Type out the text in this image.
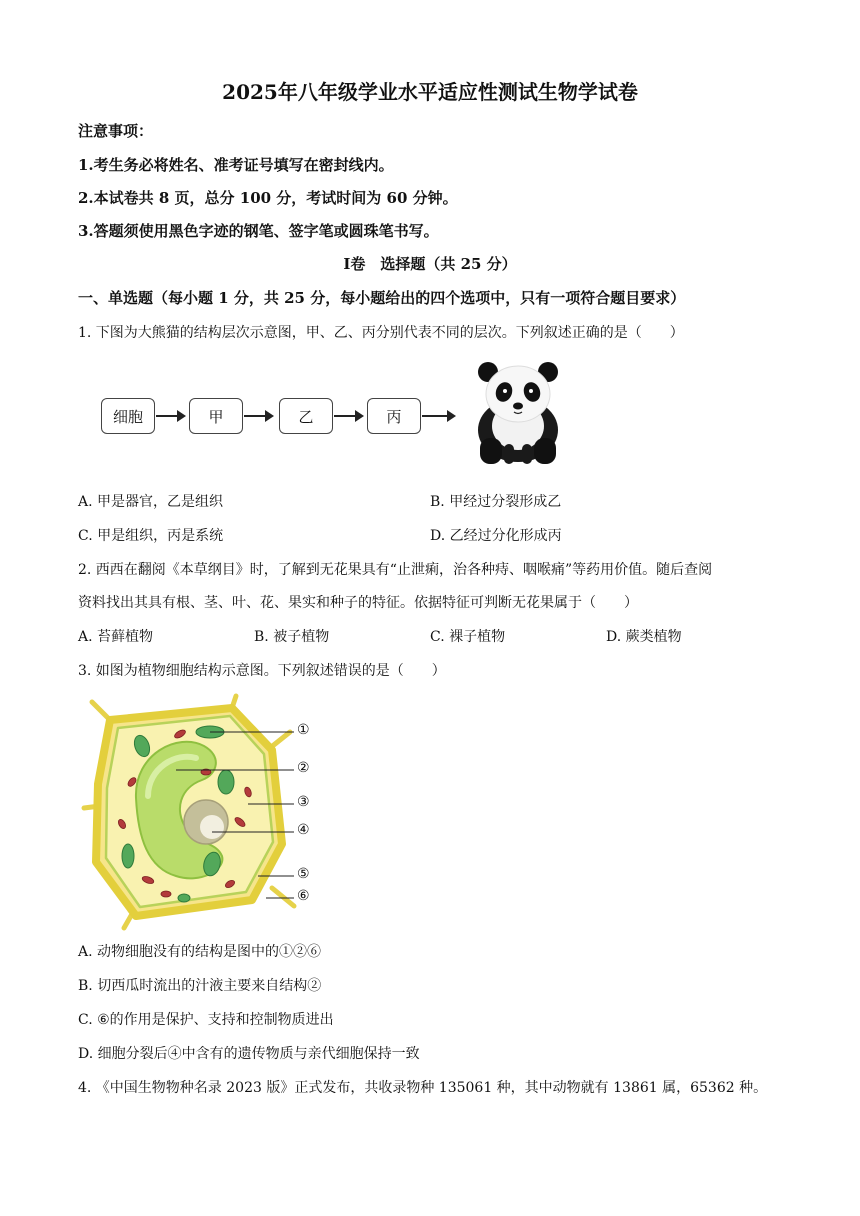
2025年八年级学业水平适应性测试生物学试卷
注意事项：
1.考生务必将姓名、准考证号填写在密封线内。
2.本试卷共 8 页，总分 100 分，考试时间为 60 分钟。
3.答题须使用黑色字迹的钢笔、签字笔或圆珠笔书写。
Ⅰ卷　选择题（共 25 分）
一、单选题（每小题 1 分，共 25 分，每小题给出的四个选项中，只有一项符合题目要求）
1. 下图为大熊猫的结构层次示意图，甲、乙、丙分别代表不同的层次。下列叙述正确的是（　　）
细胞	甲	乙	丙
A. 甲是器官，乙是组织	B. 甲经过分裂形成乙
C. 甲是组织，丙是系统	D. 乙经过分化形成丙
2. 西西在翻阅《本草纲目》时，了解到无花果具有“止泄痢，治各种痔、咽喉痛”等药用价值。随后查阅
资料找出其具有根、茎、叶、花、果实和种子的特征。依据特征可判断无花果属于（　　）
A. 苔藓植物	B. 被子植物	C. 裸子植物	D. 蕨类植物
3. 如图为植物细胞结构示意图。下列叙述错误的是（　　）
①
②
③
④
⑤
⑥
A. 动物细胞没有的结构是图中的①②⑥
B. 切西瓜时流出的汁液主要来自结构②
C. ⑥的作用是保护、支持和控制物质进出
D. 细胞分裂后④中含有的遗传物质与亲代细胞保持一致
4. 《中国生物物种名录 2023 版》正式发布，共收录物种 135061 种，其中动物就有 13861 属，65362 种。
